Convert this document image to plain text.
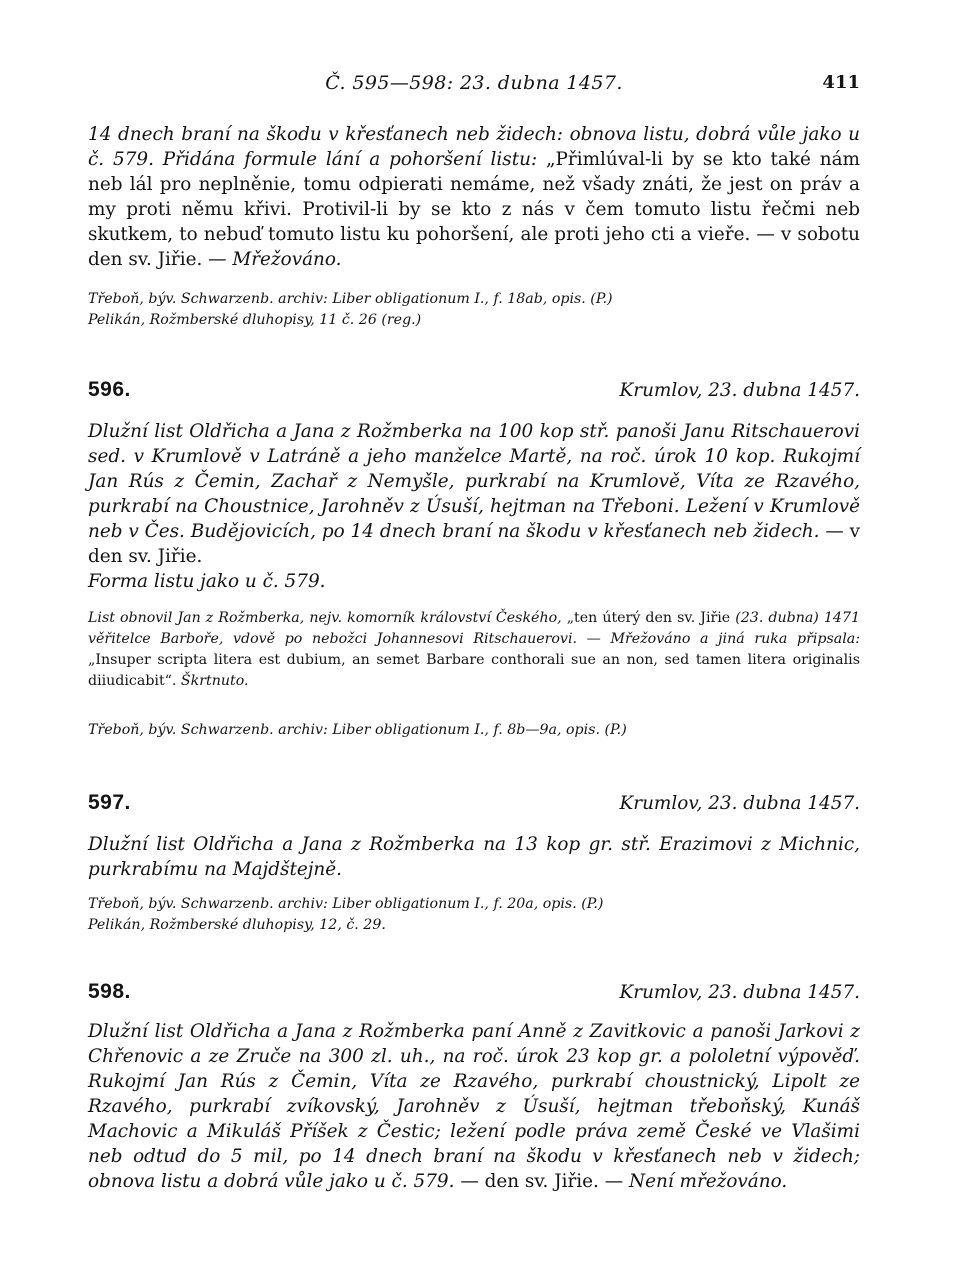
Č. 595—598: 23. dubna 1457.	411

14 dnech braní na škodu v křesťanech neb židech: obnova listu, dobrá vůle jako u č. 579. Přidána formule lání a pohoršení listu: „Přimlúval-li by se kto také nám neb lál pro neplněnie, tomu odpierati nemáme, než všady znáti, že jest on práv a my proti němu křivi. Protivil-li by se kto z nás v čem tomuto listu řečmi neb skutkem, to nebuď tomuto listu ku pohoršení, ale proti jeho cti a vieře. — v sobotu den sv. Jiřie. — Mřežováno.

Třeboň, býv. Schwarzenb. archiv: Liber obligationum I., f. 18ab, opis. (P.)

Pelikán, Rožmberské dluhopisy, 11 č. 26 (reg.)

596.	Krumlov, 23. dubna 1457.

Dlužní list Oldřicha a Jana z Rožmberka na 100 kop stř. panoši Janu Ritschauerovi sed. v Krumlově v Latráně a jeho manželce Martě, na roč. úrok 10 kop. Rukojmí Jan Rús z Čemin, Zachař z Nemyšle, purkrabí na Krumlově, Víta ze Rzavého, purkrabí na Choustnice, Jarohněv z Úsuší, hejtman na Třeboni. Ležení v Krumlově neb v Čes. Budějovicích, po 14 dnech braní na škodu v křesťanech neb židech. — v den sv. Jiřie.
Forma listu jako u č. 579.

List obnovil Jan z Rožmberka, nejv. komorník království Českého, „ten úterý den sv. Jiřie (23. dubna) 1471 věřitelce Barboře, vdově po nebožci Johannesovi Ritschauerovi. — Mřežováno a jiná ruka připsala: „Insuper scripta litera est dubium, an semet Barbare conthorali sue an non, sed tamen litera originalis diiudicabit“. Škrtnuto.

Třeboň, býv. Schwarzenb. archiv: Liber obligationum I., f. 8b—9a, opis. (P.)

597.	Krumlov, 23. dubna 1457.

Dlužní list Oldřicha a Jana z Rožmberka na 13 kop gr. stř. Erazimovi z Michnic, purkrabímu na Majdštejně.

Třeboň, býv. Schwarzenb. archiv: Liber obligationum I., f. 20a, opis. (P.)

Pelikán, Rožmberské dluhopisy, 12, č. 29.

598.	Krumlov, 23. dubna 1457.

Dlužní list Oldřicha a Jana z Rožmberka paní Anně z Zavitkovic a panoši Jarkovi z Chřenovic a ze Zruče na 300 zl. uh., na roč. úrok 23 kop gr. a pololetní výpověď. Rukojmí Jan Rús z Čemin, Víta ze Rzavého, purkrabí choustnický, Lipolt ze Rzavého, purkrabí zvíkovský, Jarohněv z Úsuší, hejtman třeboňský, Kunáš Machovic a Mikuláš Příšek z Čestic; ležení podle práva země České ve Vlašimi neb odtud do 5 mil, po 14 dnech braní na škodu v křesťanech neb v židech; obnova listu a dobrá vůle jako u č. 579. — den sv. Jiřie. — Není mřežováno.
